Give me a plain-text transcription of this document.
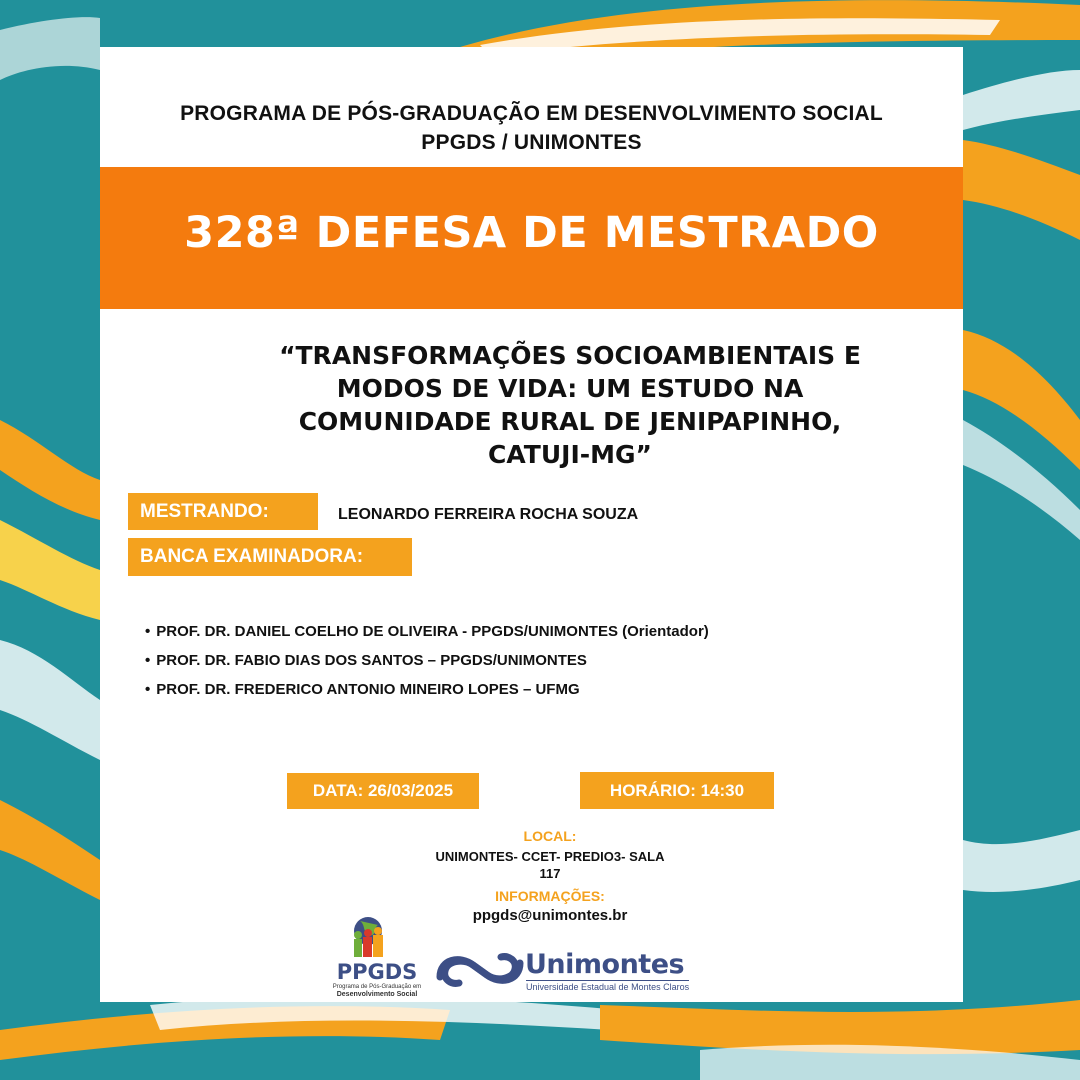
PROGRAMA DE PÓS-GRADUAÇÃO EM DESENVOLVIMENTO SOCIAL
PPGDS / UNIMONTES
328ª DEFESA DE MESTRADO
“TRANSFORMAÇÕES SOCIOAMBIENTAIS E
MODOS DE VIDA: UM ESTUDO NA
COMUNIDADE RURAL DE JENIPAPINHO,
CATUJI-MG”
MESTRANDO:	LEONARDO FERREIRA ROCHA SOUZA
BANCA EXAMINADORA:
• PROF. DR. DANIEL COELHO DE OLIVEIRA - PPGDS/UNIMONTES (Orientador)
• PROF. DR. FABIO DIAS DOS SANTOS – PPGDS/UNIMONTES
• PROF. DR. FREDERICO ANTONIO MINEIRO LOPES – UFMG
DATA: 26/03/2025	HORÁRIO: 14:30
LOCAL:
UNIMONTES- CCET- PREDIO3- SALA
117
INFORMAÇÕES:
ppgds@unimontes.br
PPGDS
Programa de Pós-Graduação em
Desenvolvimento Social
Unimontes
Universidade Estadual de Montes Claros
